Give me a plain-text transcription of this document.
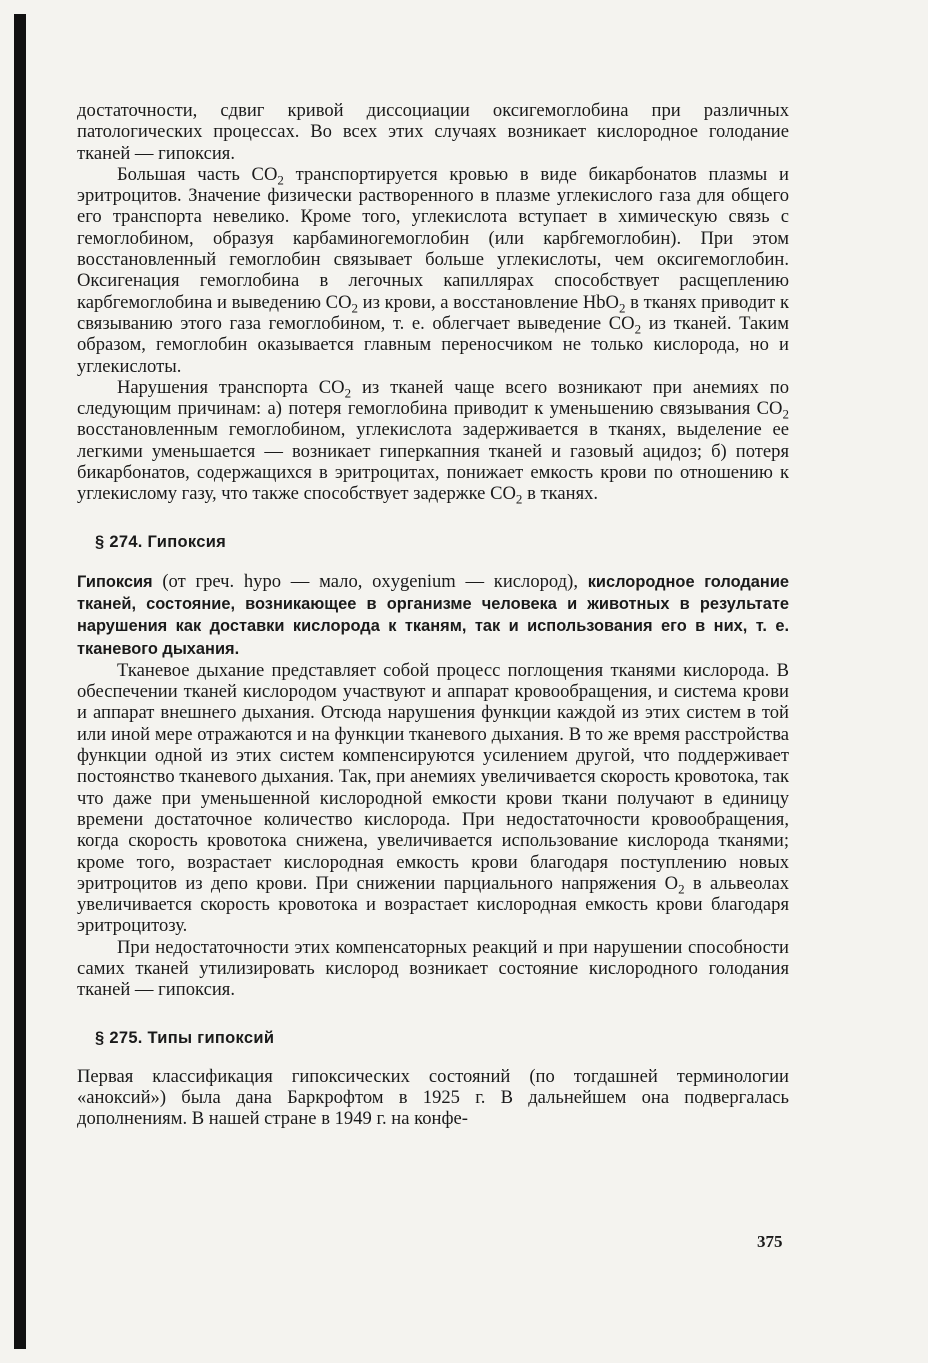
достаточности, сдвиг кривой диссоциации оксигемоглобина при различных патологических процессах. Во всех этих случаях возникает кислородное голодание тканей — гипоксия.

Большая часть $CO_2$ транспортируется кровью в виде бикарбонатов плазмы и эритроцитов. Значение физически растворенного в плазме углекислого газа для общего его транспорта невелико. Кроме того, углекислота вступает в химическую связь с гемоглобином, образуя карбаминогемоглобин (или карбгемоглобин). При этом восстановленный гемоглобин связывает больше углекислоты, чем оксигемоглобин. Оксигенация гемоглобина в легочных капиллярах способствует расщеплению карбгемоглобина и выведению $CO_2$ из крови, а восстановление HbO$_2$ в тканях приводит к связыванию этого газа гемоглобином, т. е. облегчает выведение $CO_2$ из тканей. Таким образом, гемоглобин оказывается главным переносчиком не только кислорода, но и углекислоты.

Нарушения транспорта $CO_2$ из тканей чаще всего возникают при анемиях по следующим причинам: а) потеря гемоглобина приводит к уменьшению связывания $CO_2$ восстановленным гемоглобином, углекислота задерживается в тканях, выделение ее легкими уменьшается — возникает гиперкапния тканей и газовый ацидоз; б) потеря бикарбонатов, содержащихся в эритроцитах, понижает емкость крови по отношению к углекислому газу, что также способствует задержке $CO_2$ в тканях.

§ 274. Гипоксия

Гипоксия (от греч. hypo — мало, oxygenium — кислород), кислородное голодание тканей, состояние, возникающее в организме человека и животных в результате нарушения как доставки кислорода к тканям, так и использования его в них, т. е. тканевого дыхания.

Тканевое дыхание представляет собой процесс поглощения тканями кислорода. В обеспечении тканей кислородом участвуют и аппарат кровообращения, и система крови и аппарат внешнего дыхания. Отсюда нарушения функции каждой из этих систем в той или иной мере отражаются и на функции тканевого дыхания. В то же время расстройства функции одной из этих систем компенсируются усилением другой, что поддерживает постоянство тканевого дыхания. Так, при анемиях увеличивается скорость кровотока, так что даже при уменьшенной кислородной емкости крови ткани получают в единицу времени достаточное количество кислорода. При недостаточности кровообращения, когда скорость кровотока снижена, увеличивается использование кислорода тканями; кроме того, возрастает кислородная емкость крови благодаря поступлению новых эритроцитов из депо крови. При снижении парциального напряжения $O_2$ в альвеолах увеличивается скорость кровотока и возрастает кислородная емкость крови благодаря эритроцитозу.

При недостаточности этих компенсаторных реакций и при нарушении способности самих тканей утилизировать кислород возникает состояние кислородного голодания тканей — гипоксия.

§ 275. Типы гипоксий

Первая классификация гипоксических состояний (по тогдашней терминологии «аноксий») была дана Баркрофтом в 1925 г. В дальнейшем она подвергалась дополнениям. В нашей стране в 1949 г. на конфе-

375
